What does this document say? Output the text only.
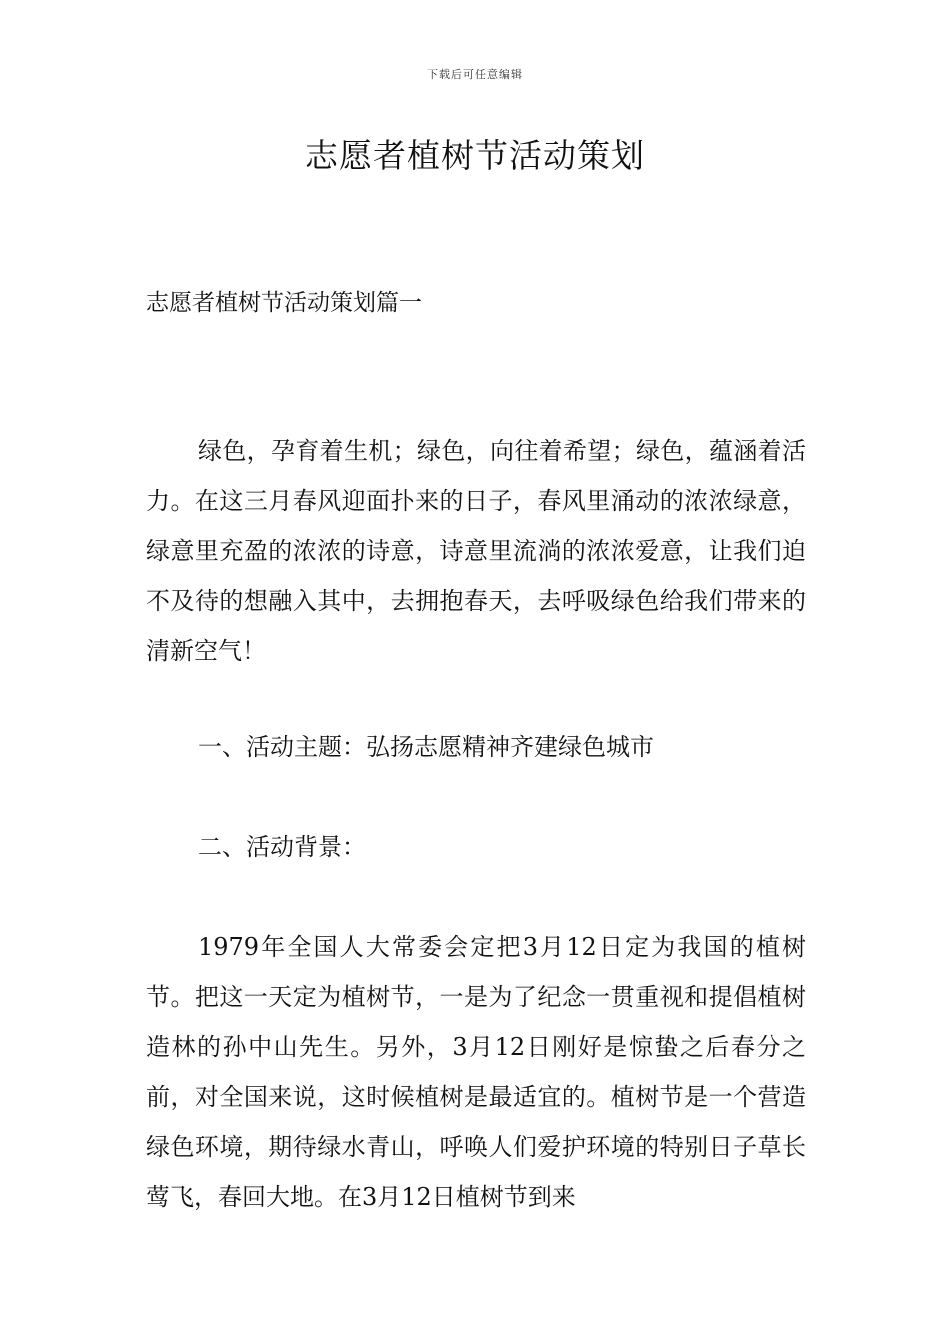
下载后可任意编辑
志愿者植树节活动策划
志愿者植树节活动策划篇一

绿色，孕育着生机；绿色，向往着希望；绿色，蕴涵着活力。在这三月春风迎面扑来的日子，春风里涌动的浓浓绿意，绿意里充盈的浓浓的诗意，诗意里流淌的浓浓爱意，让我们迫不及待的想融入其中，去拥抱春天，去呼吸绿色给我们带来的清新空气！

一、活动主题：弘扬志愿精神齐建绿色城市

二、活动背景：

1979年全国人大常委会定把3月12日定为我国的植树节。把这一天定为植树节，一是为了纪念一贯重视和提倡植树造林的孙中山先生。另外，3月12日刚好是惊蛰之后春分之前，对全国来说，这时候植树是最适宜的。植树节是一个营造绿色环境，期待绿水青山，呼唤人们爱护环境的特别日子草长莺飞，春回大地。在3月12日植树节到来
